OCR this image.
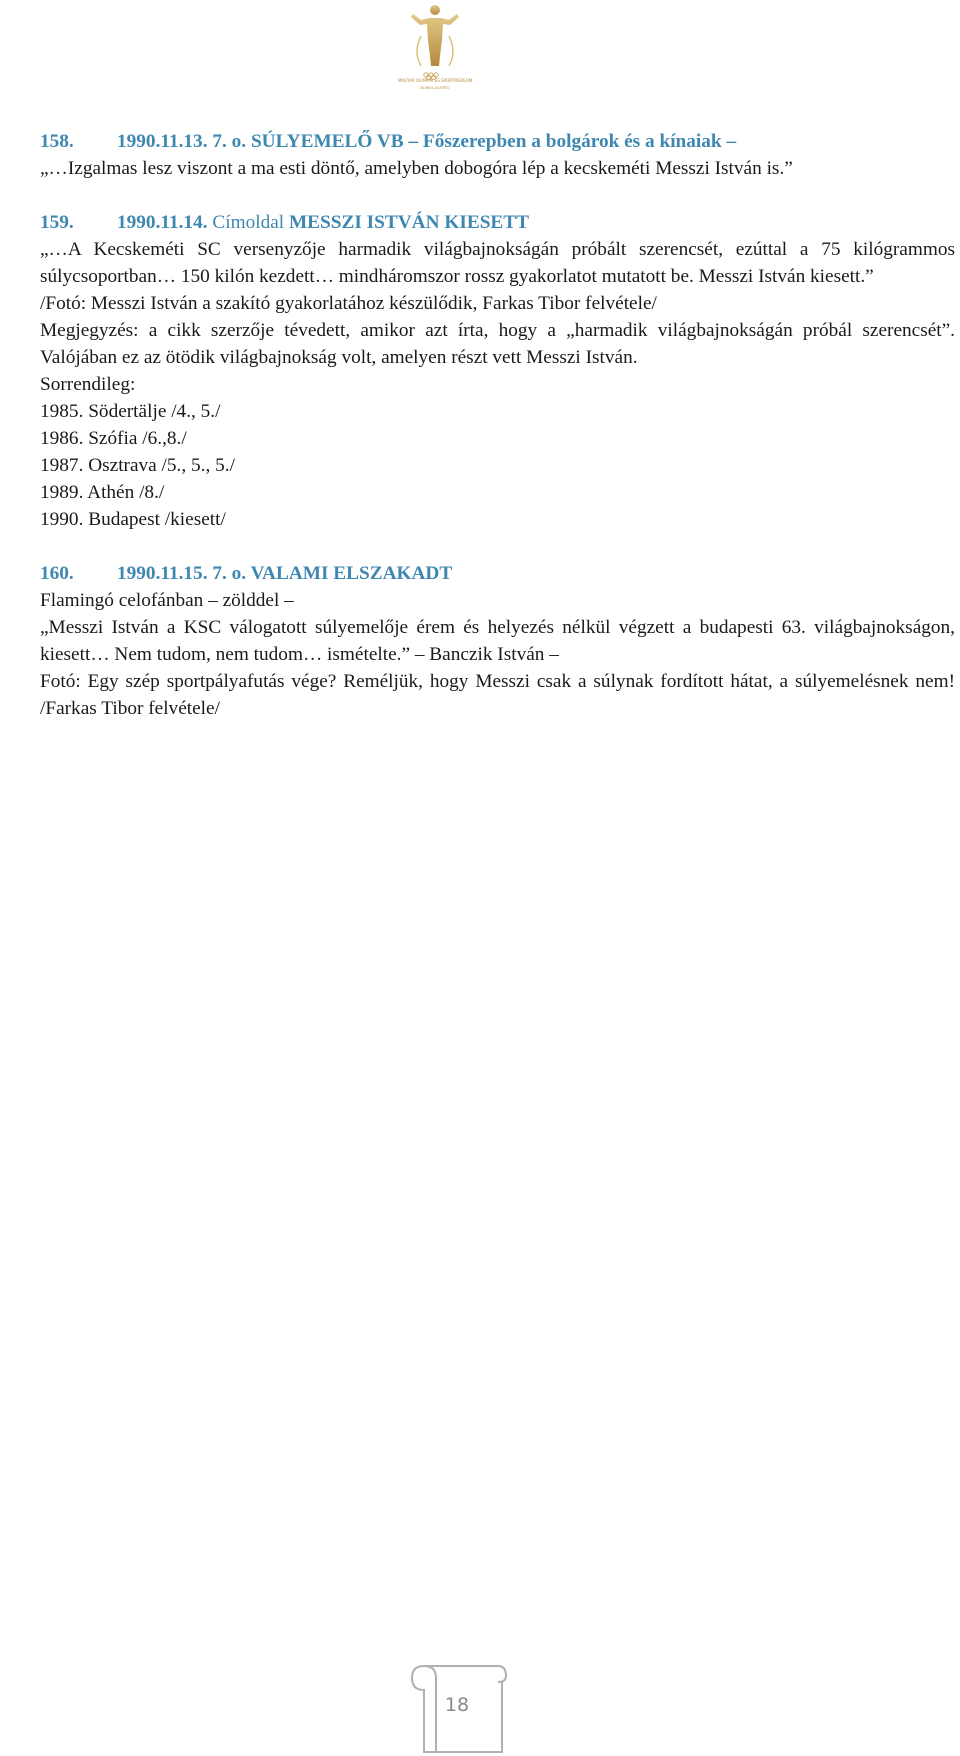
MAGYAR OLIMPIAI ÉS SPORTMÚZEUM
BORKIS ALAPÍTÓ
158.	1990.11.13. 7. o. SÚLYEMELŐ VB – Főszerepben a bolgárok és a kínaiak –
„…Izgalmas lesz viszont a ma esti döntő, amelyben dobogóra lép a kecskeméti Messzi István is.”
159.	1990.11.14. Címoldal MESSZI ISTVÁN KIESETT
„…A Kecskeméti SC versenyzője harmadik világbajnokságán próbált szerencsét, ezúttal a 75 kilógrammos súlycsoportban… 150 kilón kezdett… mindháromszor rossz gyakorlatot mutatott be. Messzi István kiesett.”
/Fotó: Messzi István a szakító gyakorlatához készülődik, Farkas Tibor felvétele/
Megjegyzés: a cikk szerzője tévedett, amikor azt írta, hogy a „harmadik világbajnokságán próbál szerencsét”. Valójában ez az ötödik világbajnokság volt, amelyen részt vett Messzi István.
Sorrendileg:
1985. Södertälje /4., 5./
1986. Szófia /6.,8./
1987. Osztrava /5., 5., 5./
1989. Athén /8./
1990. Budapest /kiesett/
160.	1990.11.15. 7. o. VALAMI ELSZAKADT
Flamingó celofánban – zölddel –
„Messzi István a KSC válogatott súlyemelője érem és helyezés nélkül végzett a budapesti 63. világbajnokságon, kiesett… Nem tudom, nem tudom… ismételte.” – Banczik István –
Fotó: Egy szép sportpályafutás vége? Reméljük, hogy Messzi csak a súlynak fordított hátat, a súlyemelésnek nem! /Farkas Tibor felvétele/
18
